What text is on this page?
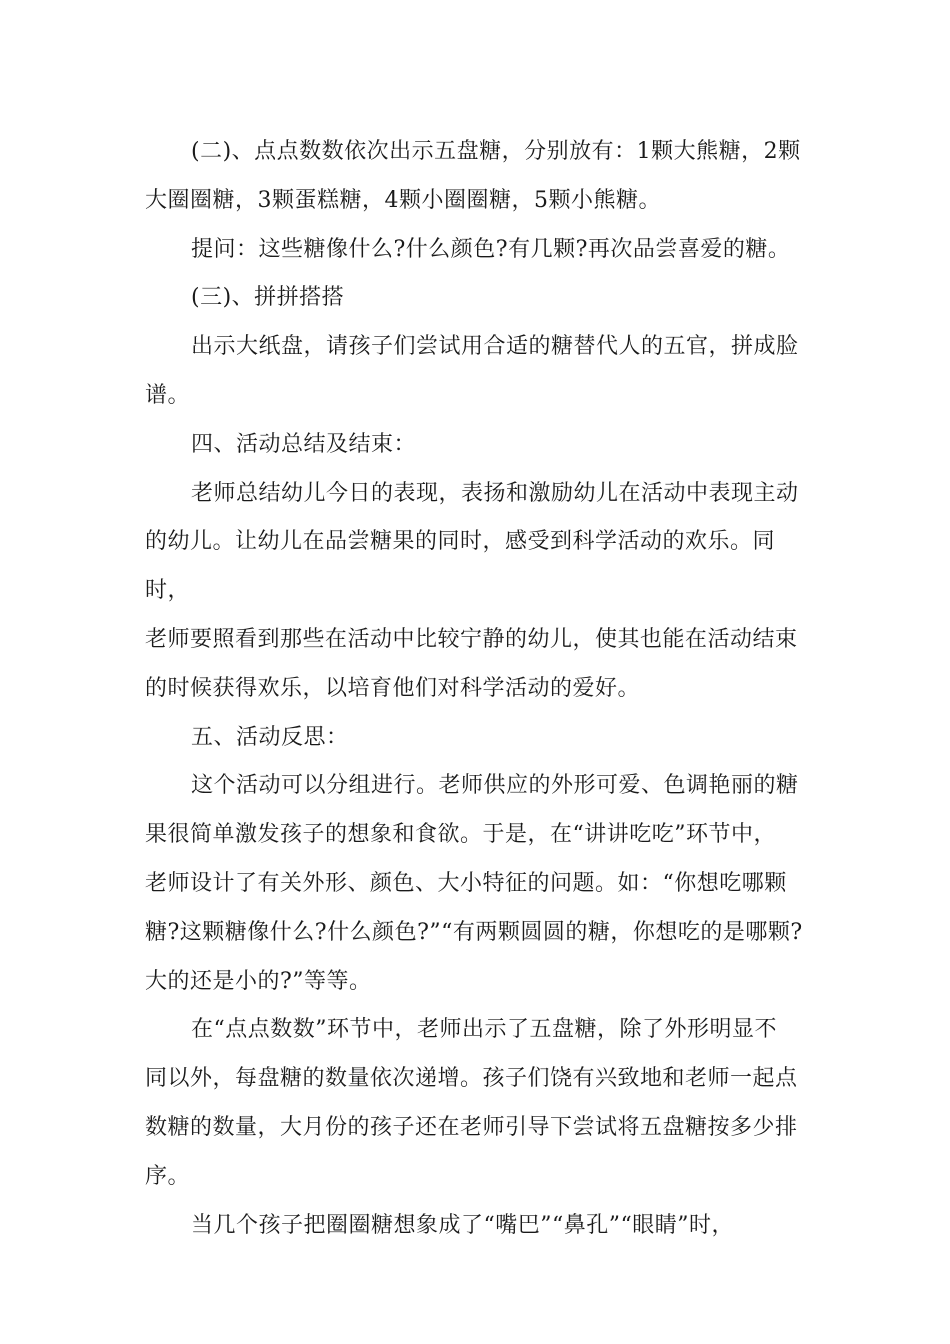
(二)、点点数数依次出示五盘糖，分别放有：1颗大熊糖，2颗
大圈圈糖，3颗蛋糕糖，4颗小圈圈糖，5颗小熊糖。

提问：这些糖像什么?什么颜色?有几颗?再次品尝喜爱的糖。

(三)、拼拼搭搭

出示大纸盘，请孩子们尝试用合适的糖替代人的五官，拼成脸
谱。

四、活动总结及结束：

老师总结幼儿今日的表现，表扬和激励幼儿在活动中表现主动
的幼儿。让幼儿在品尝糖果的同时，感受到科学活动的欢乐。同时，
老师要照看到那些在活动中比较宁静的幼儿，使其也能在活动结束
的时候获得欢乐，以培育他们对科学活动的爱好。

五、活动反思：

这个活动可以分组进行。老师供应的外形可爱、色调艳丽的糖
果很简单激发孩子的想象和食欲。于是，在“讲讲吃吃”环节中，
老师设计了有关外形、颜色、大小特征的问题。如：“你想吃哪颗
糖?这颗糖像什么?什么颜色?”“有两颗圆圆的糖，你想吃的是哪颗?
大的还是小的?”等等。

在“点点数数”环节中，老师出示了五盘糖，除了外形明显不
同以外，每盘糖的数量依次递增。孩子们饶有兴致地和老师一起点
数糖的数量，大月份的孩子还在老师引导下尝试将五盘糖按多少排
序。

当几个孩子把圈圈糖想象成了“嘴巴”“鼻孔”“眼睛”时，
